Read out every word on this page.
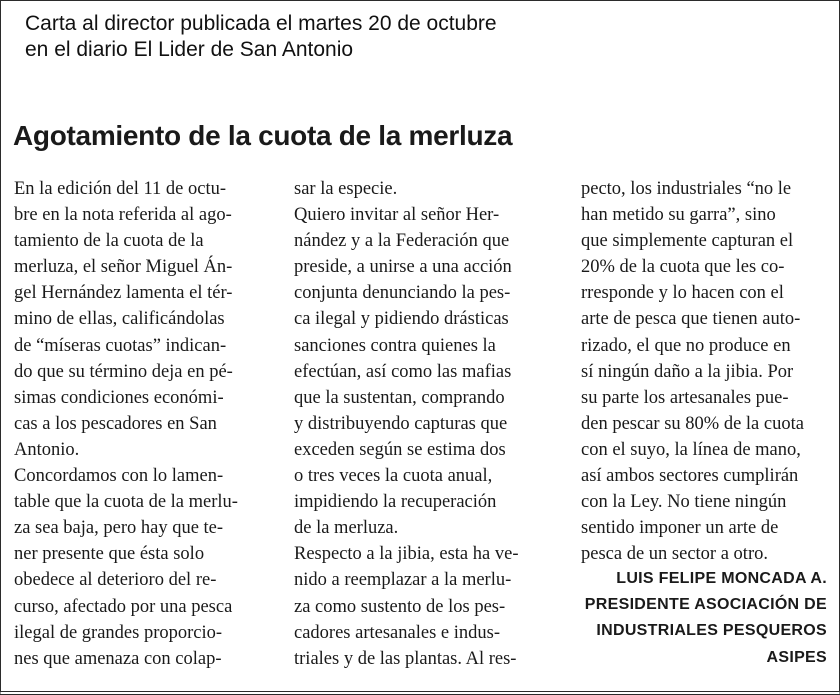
Carta al director publicada el martes 20 de octubre
en el diario El Lider de San Antonio
Agotamiento de la cuota de la merluza
En la edición del 11 de octu-
bre en la nota referida al ago-
tamiento de la cuota de la
merluza, el señor Miguel Án-
gel Hernández lamenta el tér-
mino de ellas, calificándolas
de “míseras cuotas” indican-
do que su término deja en pé-
simas condiciones económi-
cas a los pescadores en San
Antonio.
Concordamos con lo lamen-
table que la cuota de la merlu-
za sea baja, pero hay que te-
ner presente que ésta solo
obedece al deterioro del re-
curso, afectado por una pesca
ilegal de grandes proporcio-
nes que amenaza con colap-
sar la especie.
Quiero invitar al señor Her-
nández y a la Federación que
preside, a unirse a una acción
conjunta denunciando la pes-
ca ilegal y pidiendo drásticas
sanciones contra quienes la
efectúan, así como las mafias
que la sustentan, comprando
y distribuyendo capturas que
exceden según se estima dos
o tres veces la cuota anual,
impidiendo la recuperación
de la merluza.
Respecto a la jibia, esta ha ve-
nido a reemplazar a la merlu-
za como sustento de los pes-
cadores artesanales e indus-
triales y de las plantas. Al res-
pecto, los industriales “no le
han metido su garra”, sino
que simplemente capturan el
20% de la cuota que les co-
rresponde y lo hacen con el
arte de pesca que tienen auto-
rizado, el que no produce en
sí ningún daño a la jibia. Por
su parte los artesanales pue-
den pescar su 80% de la cuota
con el suyo, la línea de mano,
así ambos sectores cumplirán
con la Ley. No tiene ningún
sentido imponer un arte de
pesca de un sector a otro.
LUIS FELIPE MONCADA A.
PRESIDENTE ASOCIACIÓN DE
INDUSTRIALES PESQUEROS
ASIPES
